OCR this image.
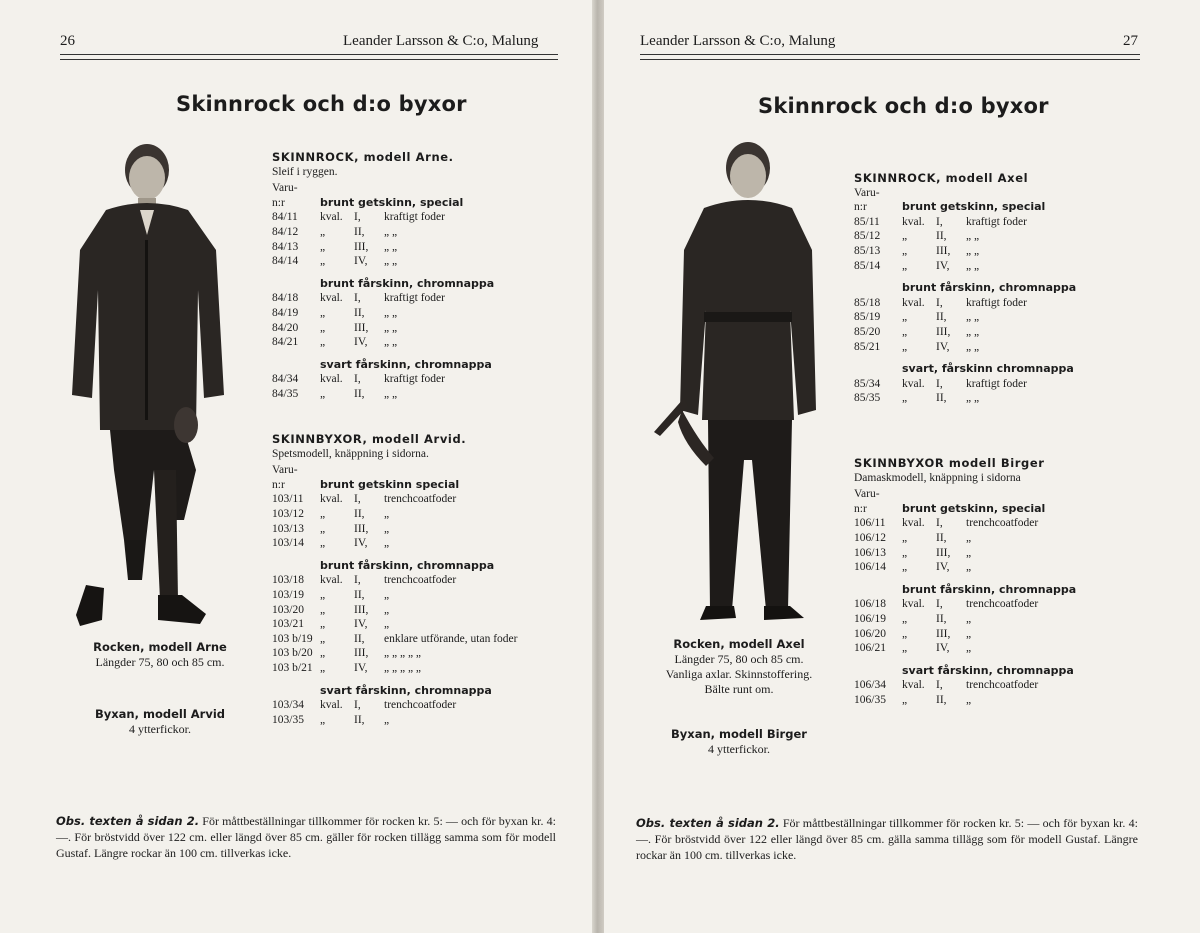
26	Leander Larsson & C:o, Malung
Skinnrock och d:o byxor
Rocken, modell Arne
Längder 75, 80 och 85 cm.
Byxan, modell Arvid
4 ytterfickor.
SKINNROCK, modell Arne.
Sleif i ryggen.
Varu-
n:r	brunt getskinn, special
84/11	kval. I,	kraftigt foder
84/12	„	II,	„ „
84/13	„	III,	„ „
84/14	„	IV,	„ „
brunt fårskinn, chromnappa
84/18	kval. I,	kraftigt foder
84/19	„	II,	„ „
84/20	„	III,	„ „
84/21	„	IV,	„ „
svart fårskinn, chromnappa
84/34	kval. I,	kraftigt foder
84/35	„	II,	„ „
SKINNBYXOR, modell Arvid.
Spetsmodell, knäppning i sidorna.
Varu-
n:r	brunt getskinn special
103/11	kval. I,	trenchcoatfoder
103/12	„	II,	„
103/13	„	III,	„
103/14	„	IV,	„
brunt fårskinn, chromnappa
103/18	kval. I,	trenchcoatfoder
103/19	„	II,	„
103/20	„	III,	„
103/21	„	IV,	„
103 b/19 „	II,	enklare utförande, utan foder
103 b/20 „	III,	„ „ „ „ „
103 b/21 „	IV,	„ „ „ „ „
svart fårskinn, chromnappa
103/34	kval. I,	trenchcoatfoder
103/35	„	II,	„
Obs. texten å sidan 2. För måttbeställningar tillkommer för rocken kr. 5: — och för byxan kr. 4: —. För bröstvidd över 122 cm. eller längd över 85 cm. gäller för rocken tillägg samma som för modell Gustaf. Längre rockar än 100 cm. tillverkas icke.
Leander Larsson & C:o, Malung	27
Skinnrock och d:o byxor
Rocken, modell Axel
Längder 75, 80 och 85 cm.
Vanliga axlar. Skinnstoffering.
Bälte runt om.
Byxan, modell Birger
4 ytterfickor.
SKINNROCK, modell Axel
Varu-
n:r	brunt getskinn, special
85/11	kval. I,	kraftigt foder
85/12	„	II,	„ „
85/13	„	III,	„ „
85/14	„	IV,	„ „
brunt fårskinn, chromnappa
85/18	kval. I,	kraftigt foder
85/19	„	II,	„ „
85/20	„	III,	„ „
85/21	„	IV,	„ „
svart, fårskinn chromnappa
85/34	kval. I,	kraftigt foder
85/35	„	II,	„ „
SKINNBYXOR modell Birger
Damaskmodell, knäppning i sidorna
Varu-
n:r	brunt getskinn, special
106/11	kval. I,	trenchcoatfoder
106/12	„	II,	„
106/13	„	III,	„
106/14	„	IV,	„
brunt fårskinn, chromnappa
106/18	kval. I,	trenchcoatfoder
106/19	„	II,	„
106/20	„	III,	„
106/21	„	IV,	„
svart fårskinn, chromnappa
106/34	kval. I,	trenchcoatfoder
106/35	„	II,	„
Obs. texten å sidan 2. För måttbeställningar tillkommer för rocken kr. 5: — och för byxan kr. 4: —. För bröstvidd över 122 eller längd över 85 cm. gälla samma tillägg som för modell Gustaf. Längre rockar än 100 cm. tillverkas icke.
